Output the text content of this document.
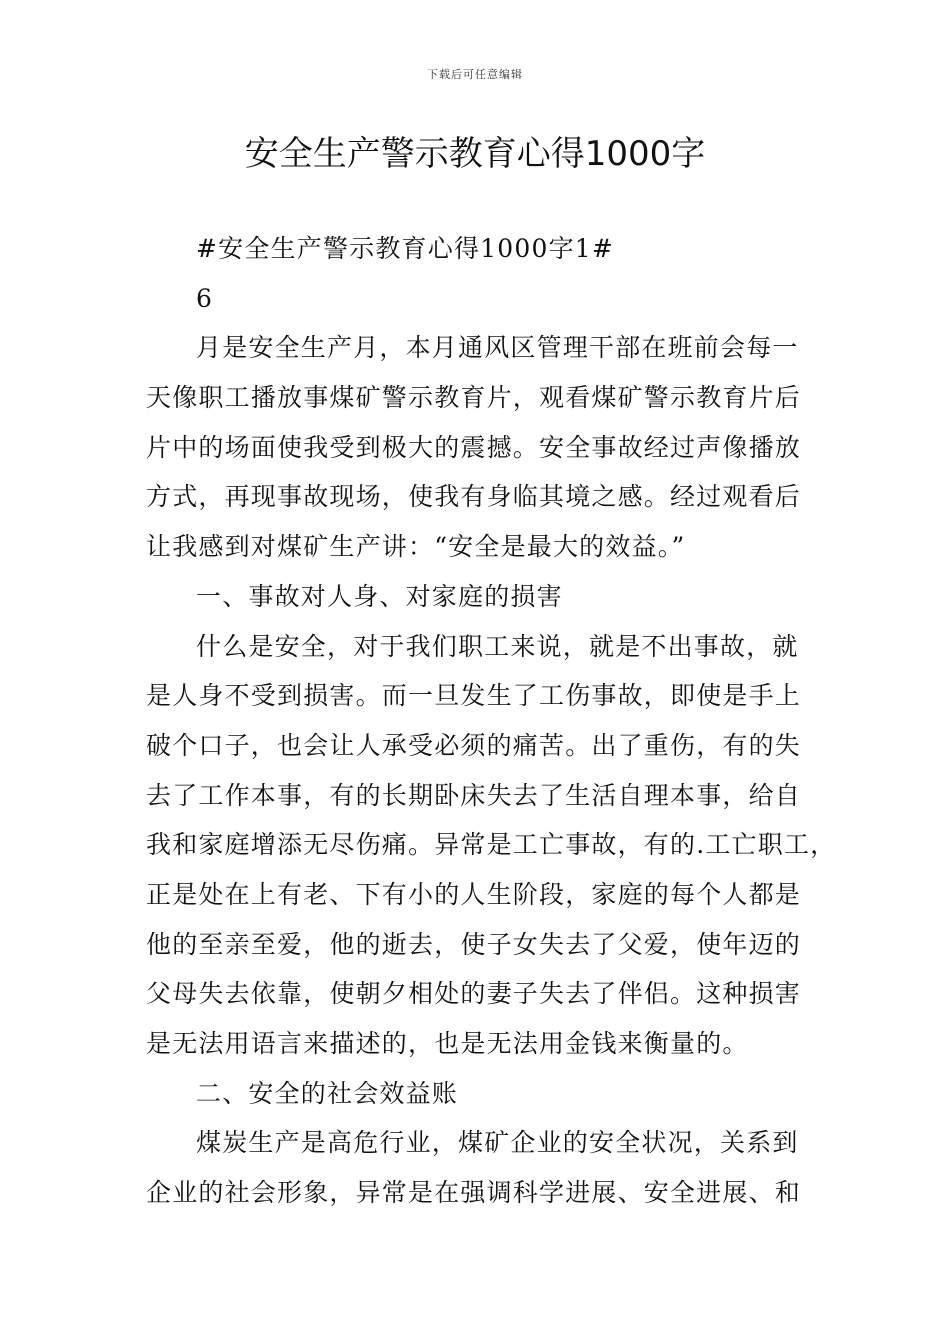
下载后可任意编辑
安全生产警示教育心得1000字
#安全生产警示教育心得1000字1#
6
月是安全生产月，本月通风区管理干部在班前会每一
天像职工播放事煤矿警示教育片，观看煤矿警示教育片后
片中的场面使我受到极大的震撼。安全事故经过声像播放
方式，再现事故现场，使我有身临其境之感。经过观看后
让我感到对煤矿生产讲：“安全是最大的效益。”
一、事故对人身、对家庭的损害
什么是安全，对于我们职工来说，就是不出事故，就
是人身不受到损害。而一旦发生了工伤事故，即使是手上
破个口子，也会让人承受必须的痛苦。出了重伤，有的失
去了工作本事，有的长期卧床失去了生活自理本事，给自
我和家庭增添无尽伤痛。异常是工亡事故，有的.工亡职工，
正是处在上有老、下有小的人生阶段，家庭的每个人都是
他的至亲至爱，他的逝去，使子女失去了父爱，使年迈的
父母失去依靠，使朝夕相处的妻子失去了伴侣。这种损害
是无法用语言来描述的，也是无法用金钱来衡量的。
二、安全的社会效益账
煤炭生产是高危行业，煤矿企业的安全状况，关系到
企业的社会形象，异常是在强调科学进展、安全进展、和
